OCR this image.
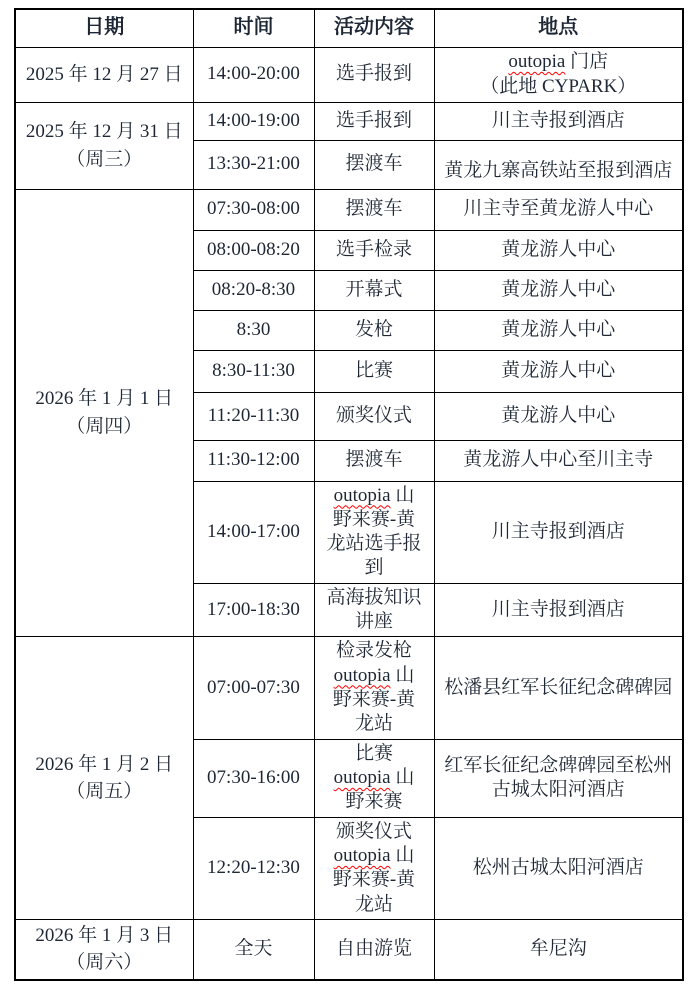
日期	时间	活动内容	地点
2025 年 12 月 27 日	14:00-20:00	选手报到	outopia 门店
（此地 CYPARK）
2025 年 12 月 31 日
（周三）	14:00-19:00	选手报到	川主寺报到酒店
	13:30-21:00	摆渡车	黄龙九寨高铁站至报到酒店
2026 年 1 月 1 日
（周四）	07:30-08:00	摆渡车	川主寺至黄龙游人中心
	08:00-08:20	选手检录	黄龙游人中心
	08:20-8:30	开幕式	黄龙游人中心
	8:30	发枪	黄龙游人中心
	8:30-11:30	比赛	黄龙游人中心
	11:20-11:30	颁奖仪式	黄龙游人中心
	11:30-12:00	摆渡车	黄龙游人中心至川主寺
	14:00-17:00	outopia 山
野来赛-黄
龙站选手报
到	川主寺报到酒店
	17:00-18:30	高海拔知识
讲座	川主寺报到酒店
2026 年 1 月 2 日
（周五）	07:00-07:30	检录发枪
outopia 山
野来赛-黄
龙站	松潘县红军长征纪念碑碑园
	07:30-16:00	比赛
outopia 山
野来赛	红军长征纪念碑碑园至松州
古城太阳河酒店
	12:20-12:30	颁奖仪式
outopia 山
野来赛-黄
龙站	松州古城太阳河酒店
2026 年 1 月 3 日
（周六）	全天	自由游览	牟尼沟
